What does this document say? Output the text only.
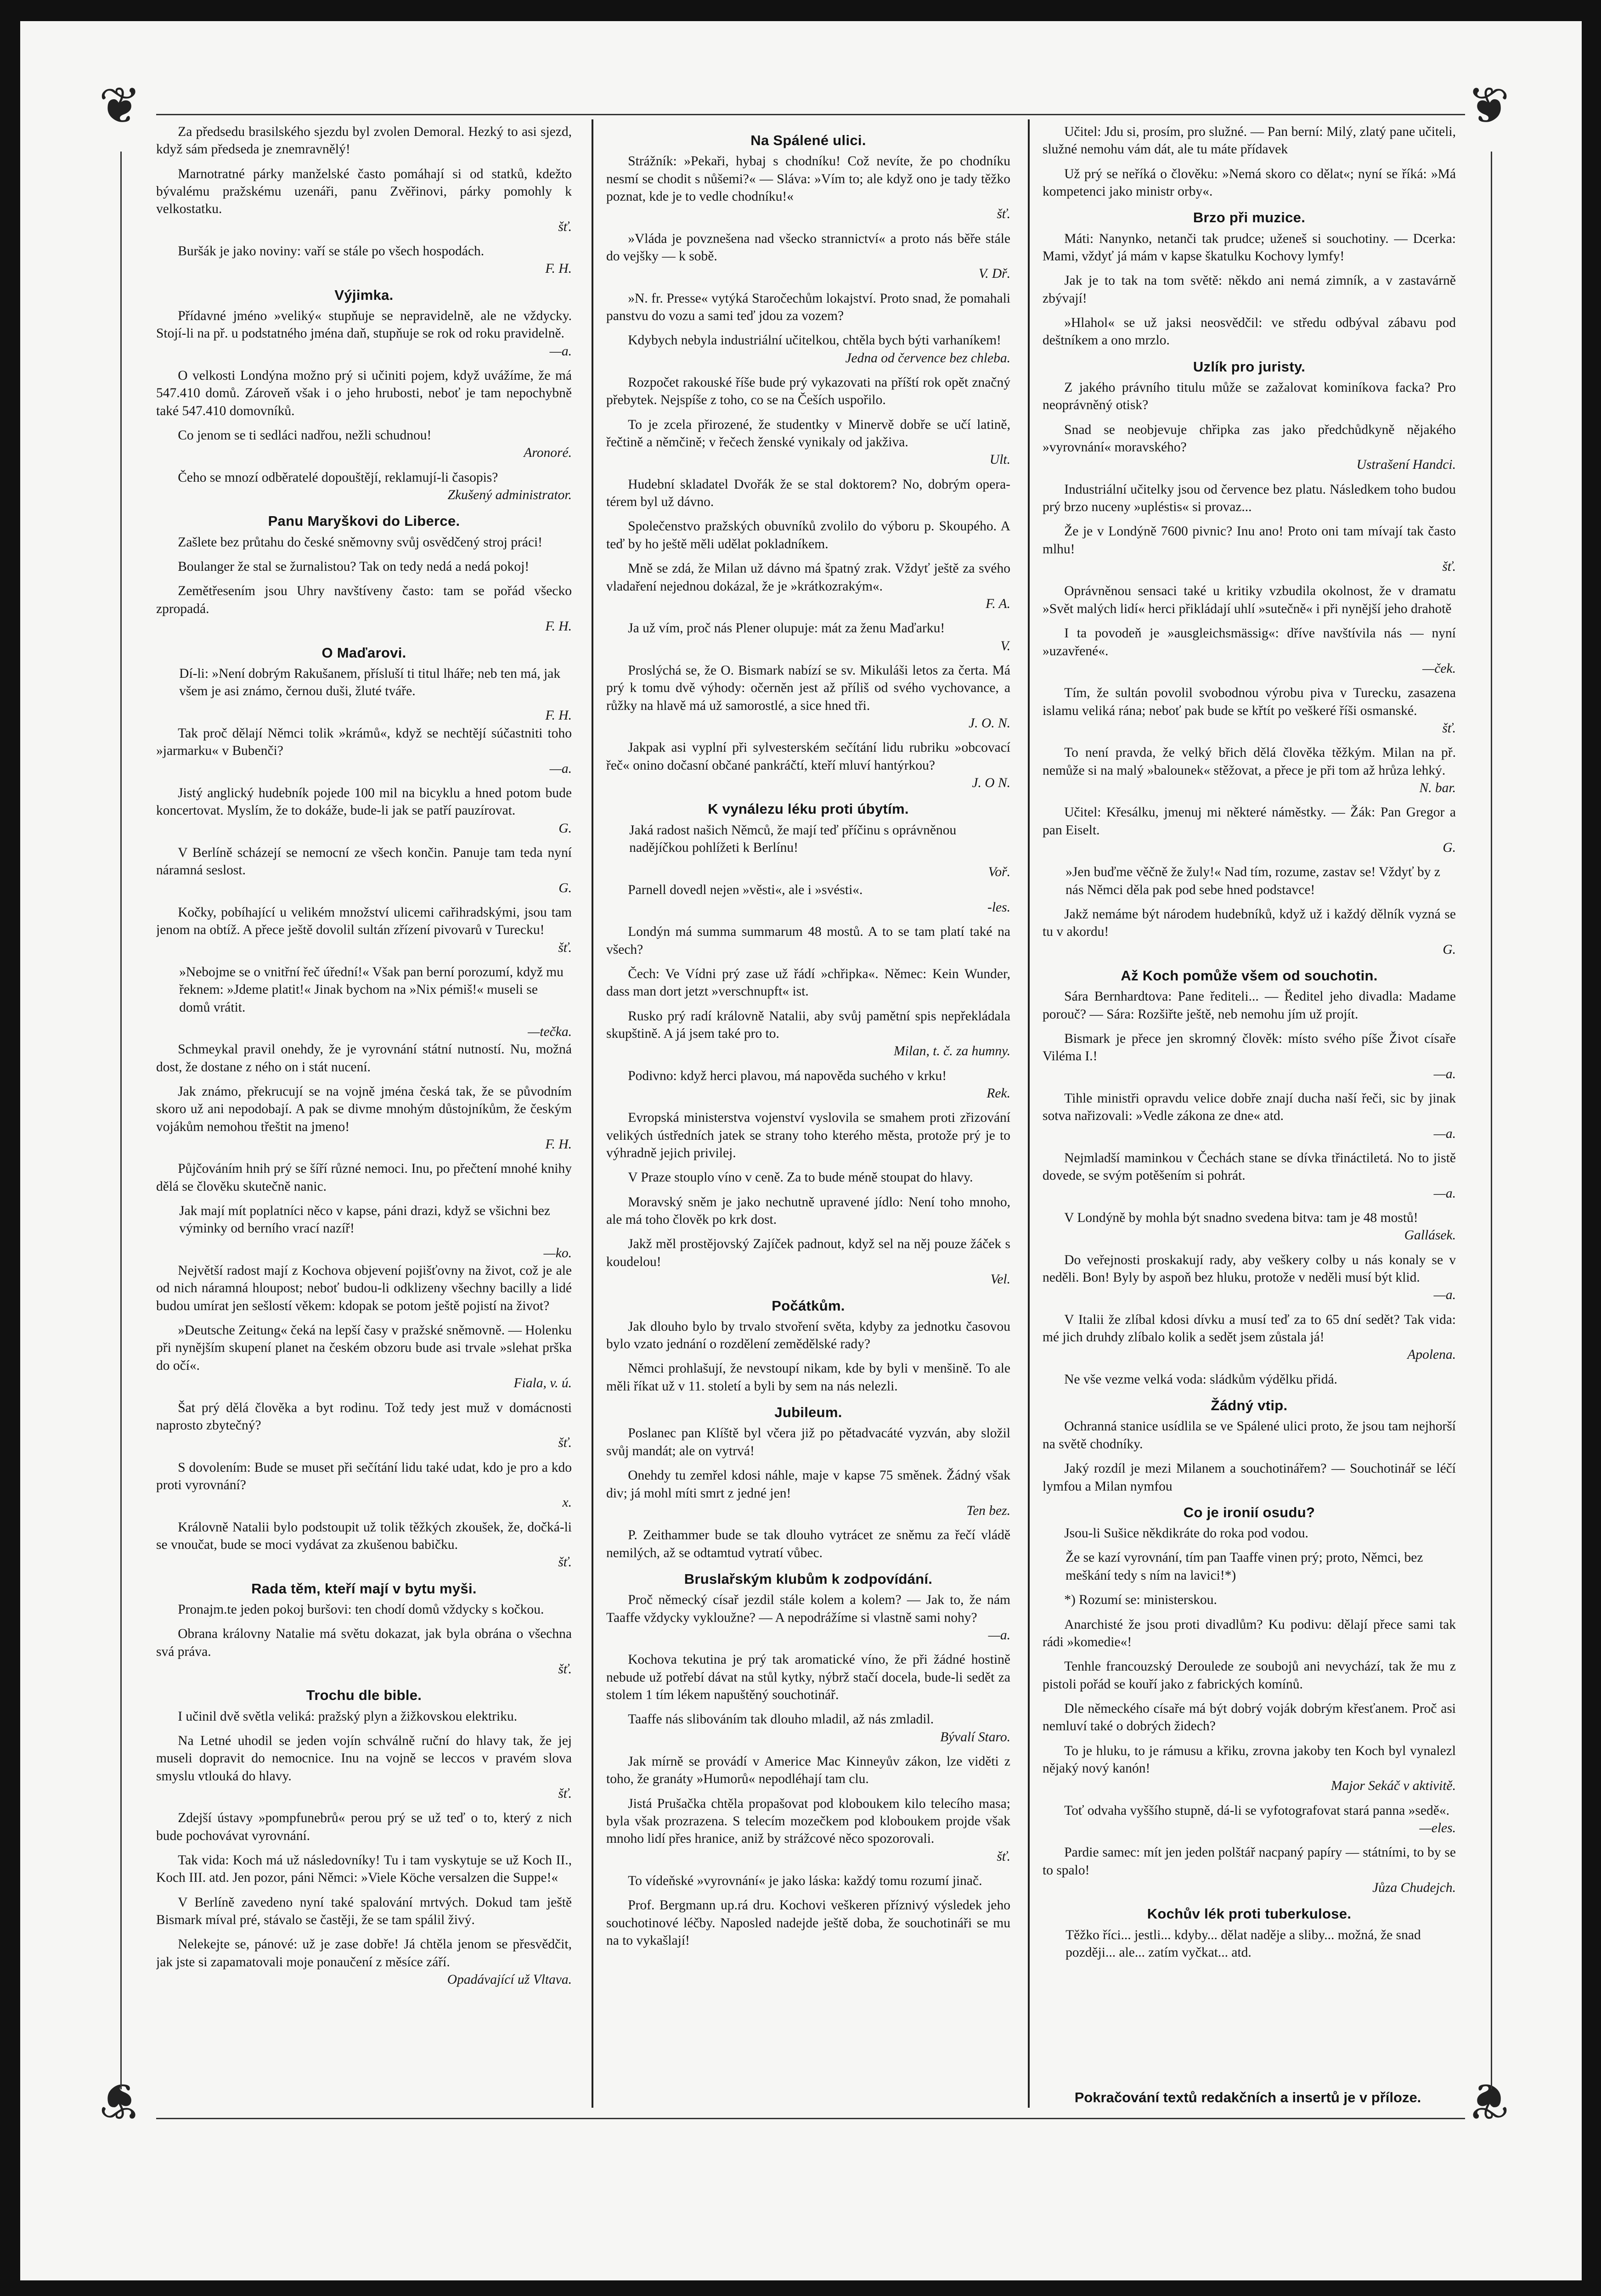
❦	❦
❦	❦

Za předsedu brasilského sjezdu byl zvolen Demoral. Hezký to asi sjezd, když sám předseda je znemravnělý!

Marnotratné párky manželské často pomáhají si od statků, kdežto bývalému pražskému uzenáři, panu Zvěřinovi, párky pomohly k velkostatku.
šť.

Buršák je jako noviny: vaří se stále po všech hospodách.
F. H.

Výjimka.

Přídavné jméno »veliký« stupňuje se nepravidelně, ale ne vždycky. Stojí-li na př. u podstatného jména daň, stupňuje se rok od roku pravidelně.
—a.

O velkosti Londýna možno prý si učiniti pojem, když uvážíme, že má 547.410 domů. Zároveň však i o jeho hrubosti, neboť je tam nepochybně také 547.410 domovníků.

Co jenom se ti sedláci nadřou, nežli schudnou!
Aronoré.

Čeho se mnozí odběratelé dopouštějí, reklamují-li časopis?
Zkušený administrator.

Panu Maryškovi do Liberce.

Zašlete bez průtahu do české sněmovny svůj osvědčený stroj práci!

Boulanger že stal se žurnalistou? Tak on tedy nedá a nedá pokoj!

Zemětřesením jsou Uhry navštíveny často: tam se pořád všecko zpropadá.
F. H.

O Maďarovi.

Dí-li: »Není dobrým Rakušanem, přísluší ti titul lháře; neb ten má, jak všem je asi známo, černou duši, žluté tváře.

F. H.

Tak proč dělají Němci tolik »krámů«, když se nechtějí súčastniti toho »jarmarku« v Bubenči?
—a.

Jistý anglický hudebník pojede 100 mil na bicyklu a hned potom bude koncertovat. Myslím, že to dokáže, bude-li jak se patří pauzírovat.
G.

V Berlíně scházejí se nemocní ze všech končin. Panuje tam teda nyní náramná seslost.
G.

Kočky, pobíhající u velikém množství ulicemi cařihradskými, jsou tam jenom na obtíž. A přece ještě dovolil sultán zřízení pivovarů v Turecku!
šť.

»Nebojme se o vnitřní řeč úřední!« Však pan berní porozumí, když mu řeknem: »Jdeme platit!« Jinak bychom na »Nix pémiš!« museli se domů vrátit.

—tečka.

Schmeykal pravil onehdy, že je vyrovnání státní nutností. Nu, možná dost, že dostane z ného on i stát nucení.

Jak známo, překrucují se na vojně jména česká tak, že se původním skoro už ani nepodobají. A pak se divme mnohým důstojníkům, že českým vojákům nemohou třeštit na jmeno!
F. H.

Půjčováním hnih prý se šíří různé nemoci. Inu, po přečtení mnohé knihy dělá se člověku skutečně nanic.

Jak mají mít poplatníci něco v kapse, páni drazi, když se všichni bez výminky od berního vrací nazíř!

—ko.

Největší radost mají z Kochova objevení pojišťovny na život, což je ale od nich náramná hloupost; neboť budou-li odklizeny všechny bacilly a lidé budou umírat jen sešlostí věkem: kdopak se potom ještě pojistí na život?

»Deutsche Zeitung« čeká na lepší časy v pražské sněmovně. — Holenku při nynějším skupení planet na českém obzoru bude asi trvale »slehat prška do očí«.
Fiala, v. ú.

Šat prý dělá člověka a byt rodinu. Tož tedy jest muž v domácnosti naprosto zbytečný?
šť.

S dovolením: Bude se muset při sečítání lidu také udat, kdo je pro a kdo proti vyrovnání?
x.

Královně Natalii bylo podstoupit už tolik těžkých zkoušek, že, dočká-li se vnoučat, bude se moci vydávat za zkušenou babičku.
šť.

Rada těm, kteří mají v bytu myši.

Pronajm.te jeden pokoj buršovi: ten chodí domů vždycky s kočkou.

Obrana královny Natalie má světu dokazat, jak byla obrána o všechna svá práva.
šť.

Trochu dle bible.

I učinil dvě světla veliká: pražský plyn a žižkovskou elektriku.

Na Letné uhodil se jeden vojín schválně ruční do hlavy tak, že jej museli dopravit do nemocnice. Inu na vojně se leccos v pravém slova smyslu vtlouká do hlavy.
šť.

Zdejší ústavy »pompfunebrů« perou prý se už teď o to, který z nich bude pochovávat vyrovnání.

Tak vida: Koch má už následovníky! Tu i tam vyskytuje se už Koch II., Koch III. atd. Jen pozor, páni Němci: »Viele Köche versalzen die Suppe!«

V Berlíně zavedeno nyní také spalování mrtvých. Dokud tam ještě Bismark míval pré, stávalo se častěji, že se tam spálil živý.

Nelekejte se, pánové: už je zase dobře! Já chtěla jenom se přesvědčit, jak jste si zapamatovali moje ponaučení z měsíce září.
Opadávající už Vltava.

Na Spálené ulici.

Strážník: »Pekaři, hybaj s chodníku! Což nevíte, že po chodníku nesmí se chodit s nůšemi?« — Sláva: »Vím to; ale když ono je tady těžko poznat, kde je to vedle chodníku!«
šť.

»Vláda je povznešena nad všecko strannictví« a proto nás běře stále do vejšky — k sobě.
V. Dř.

»N. fr. Presse« vytýká Staročechům lokajství. Proto snad, že pomahali panstvu do vozu a sami teď jdou za vozem?

Kdybych nebyla industriální učitelkou, chtěla bych býti varhaníkem!
Jedna od července bez chleba.

Rozpočet rakouské říše bude prý vykazovati na příští rok opět značný přebytek. Nejspíše z toho, co se na Češích uspořilo.

To je zcela přirozené, že studentky v Minervě dobře se učí latině, řečtině a němčině; v řečech ženské vynikaly od jakživa.
Ult.

Hudební skladatel Dvořák že se stal doktorem? No, dobrým opera-térem byl už dávno.

Společenstvo pražských obuvníků zvolilo do výboru p. Skoupého. A teď by ho ještě měli udělat pokladníkem.

Mně se zdá, že Milan už dávno má špatný zrak. Vždyť ještě za svého vladaření nejednou dokázal, že je »krátkozrakým«.
F. A.

Ja už vím, proč nás Plener olupuje: mát za ženu Maďarku!
V.

Proslýchá se, že O. Bismark nabízí se sv. Mikuláši letos za čerta. Má prý k tomu dvě výhody: očerněn jest až příliš od svého vychovance, a růžky na hlavě má už samorostlé, a sice hned tři.
J. O. N.

Jakpak asi vyplní při sylvesterském sečítání lidu rubriku »obcovací řeč« onino dočasní občané pankráčtí, kteří mluví hantýrkou?
J. O N.

K vynálezu léku proti úbytím.

Jaká radost našich Němců, že mají teď příčinu s oprávněnou nadějíčkou pohlížeti k Berlínu!

Voř.

Parnell dovedl nejen »věsti«, ale i »svésti«.
-les.

Londýn má summa summarum 48 mostů. A to se tam platí také na všech?

Čech: Ve Vídni prý zase už řádí »chřipka«. Němec: Kein Wunder, dass man dort jetzt »verschnupft« ist.

Rusko prý radí královně Natalii, aby svůj pamětní spis nepřekládala skupštině. A já jsem také pro to.
Milan, t. č. za humny.

Podivno: když herci plavou, má napověda suchého v krku!
Rek.

Evropská ministerstva vojenství vyslovila se smahem proti zřizování velikých ústředních jatek se strany toho kterého města, protože prý je to výhradně jejich privilej.

V Praze stouplo víno v ceně. Za to bude méně stoupat do hlavy.

Moravský sněm je jako nechutně upravené jídlo: Není toho mnoho, ale má toho člověk po krk dost.

Jakž měl prostějovský Zajíček padnout, když sel na něj pouze žáček s koudelou!
Vel.

Počátkům.

Jak dlouho bylo by trvalo stvoření světa, kdyby za jednotku časovou bylo vzato jednání o rozdělení zemědělské rady?

Němci prohlašují, že nevstoupí nikam, kde by byli v menšině. To ale měli říkat už v 11. století a byli by sem na nás nelezli.

Jubileum.

Poslanec pan Klíště byl včera již po pětadvacáté vyzván, aby složil svůj mandát; ale on vytrvá!

Onehdy tu zemřel kdosi náhle, maje v kapse 75 směnek. Žádný však div; já mohl míti smrt z jedné jen!
Ten bez.

P. Zeithammer bude se tak dlouho vytrácet ze sněmu za řečí vládě nemilých, až se odtamtud vytratí vůbec.

Bruslařským klubům k zodpovídání.

Proč německý císař jezdil stále kolem a kolem? — Jak to, že nám Taaffe vždycky vykloužne? — A nepodrážíme si vlastně sami nohy?
—a.

Kochova tekutina je prý tak aromatické víno, že při žádné hostině nebude už potřebí dávat na stůl kytky, nýbrž stačí docela, bude-li sedět za stolem 1 tím lékem napuštěný souchotinář.

Taaffe nás slibováním tak dlouho mladil, až nás zmladil.
Bývalí Staro.

Jak mírně se provádí v Americe Mac Kinneyův zákon, lze viděti z toho, že granáty »Humorů« nepodléhají tam clu.

Jistá Prušačka chtěla propašovat pod kloboukem kilo telecího masa; byla však prozrazena. S telecím mozečkem pod kloboukem projde však mnoho lidí přes hranice, aniž by strážcové něco spozorovali.
šť.

To vídeňské »vyrovnání« je jako láska: každý tomu rozumí jinač.

Prof. Bergmann up.rá dru. Kochovi veškeren příznivý výsledek jeho souchotinové léčby. Naposled nadejde ještě doba, že souchotináři se mu na to vykašlají!

Učitel: Jdu si, prosím, pro služné. — Pan berní: Milý, zlatý pane učiteli, služné nemohu vám dát, ale tu máte přídavek

Už prý se neříká o člověku: »Nemá skoro co dělat«; nyní se říká: »Má kompetenci jako ministr orby«.

Brzo při muzice.

Máti: Nanynko, netanči tak prudce; uženeš si souchotiny. — Dcerka: Mami, vždyť já mám v kapse škatulku Kochovy lymfy!

Jak je to tak na tom světě: někdo ani nemá zimník, a v zastavárně zbývají!

»Hlahol« se už jaksi neosvědčil: ve středu odbýval zábavu pod deštníkem a ono mrzlo.

Uzlík pro juristy.

Z jakého právního titulu může se zažalovat kominíkova facka? Pro neoprávněný otisk?

Snad se neobjevuje chřipka zas jako předchůdkyně nějakého »vyrovnání« moravského?
Ustrašení Handci.

Industriální učitelky jsou od července bez platu. Následkem toho budou prý brzo nuceny »upléstis« si provaz...

Že je v Londýně 7600 pivnic? Inu ano! Proto oni tam mívají tak často mlhu!
šť.

Oprávněnou sensaci také u kritiky vzbudila okolnost, že v dramatu »Svět malých lidí« herci přikládají uhlí »sutečně« i při nynější jeho drahotě

I ta povodeň je »ausgleichsmässig«: dříve navštívila nás — nyní »uzavřené«.
—ček.

Tím, že sultán povolil svobodnou výrobu piva v Turecku, zasazena islamu veliká rána; neboť pak bude se křtít po veškeré říši osmanské.
šť.

To není pravda, že velký břich dělá člověka těžkým. Milan na př. nemůže si na malý »balounek« stěžovat, a přece je při tom až hrůza lehký.
N. bar.

Učitel: Křesálku, jmenuj mi některé náměstky. — Žák: Pan Gregor a pan Eiselt.
G.

»Jen buďme věčně že žuly!« Nad tím, rozume, zastav se! Vždyť by z nás Němci děla pak pod sebe hned podstavce!

Jakž nemáme být národem hudebníků, když už i každý dělník vyzná se tu v akordu!
G.

Až Koch pomůže všem od souchotin.

Sára Bernhardtova: Pane řediteli... — Ředitel jeho divadla: Madame porouč? — Sára: Rozšiřte ještě, neb nemohu jím už projít.

Bismark je přece jen skromný člověk: místo svého píše Život císaře Viléma I.!
—a.

Tihle ministři opravdu velice dobře znají ducha naší řeči, sic by jinak sotva nařizovali: »Vedle zákona ze dne« atd.
—a.

Nejmladší maminkou v Čechách stane se dívka třináctiletá. No to jistě dovede, se svým potěšením si pohrát.
—a.

V Londýně by mohla být snadno svedena bitva: tam je 48 mostů!
Gallásek.

Do veřejnosti proskakují rady, aby veškery colby u nás konaly se v neděli. Bon! Byly by aspoň bez hluku, protože v neděli musí být klid.
—a.

V Italii že zlíbal kdosi dívku a musí teď za to 65 dní sedět? Tak vida: mé jich druhdy zlíbalo kolik a sedět jsem zůstala já!
Apolena.

Ne vše vezme velká voda: sládkům výdělku přidá.

Žádný vtip.

Ochranná stanice usídlila se ve Spálené ulici proto, že jsou tam nejhorší na světě chodníky.

Jaký rozdíl je mezi Milanem a souchotinářem? — Souchotinář se léčí lymfou a Milan nymfou

Co je ironií osudu?

Jsou-li Sušice někdikráte do roka pod vodou.

Že se kazí vyrovnání, tím pan Taaffe vinen prý; proto, Němci, bez meškání tedy s ním na lavici!*)

*) Rozumí se: ministerskou.

Anarchisté že jsou proti divadlům? Ku podivu: dělají přece sami tak rádi »komedie«!

Tenhle francouzský Deroulede ze soubojů ani nevychází, tak že mu z pistoli pořád se kouří jako z fabrických komínů.

Dle německého císaře má být dobrý voják dobrým křesťanem. Proč asi nemluví také o dobrých židech?

To je hluku, to je rámusu a křiku, zrovna jakoby ten Koch byl vynalezl nějaký nový kanón!
Major Sekáč v aktivitě.

Toť odvaha vyššího stupně, dá-li se vyfotografovat stará panna »sedě«.
—eles.

Pardie samec: mít jen jeden polštář nacpaný papíry — státními, to by se to spalo!
Jůza Chudejch.

Kochův lék proti tuberkulose.

Těžko říci... jestli... kdyby... dělat naděje a sliby... možná, že snad později... ale... zatím vyčkat... atd.

Pokračování textů redakčních a insertů je v příloze.
